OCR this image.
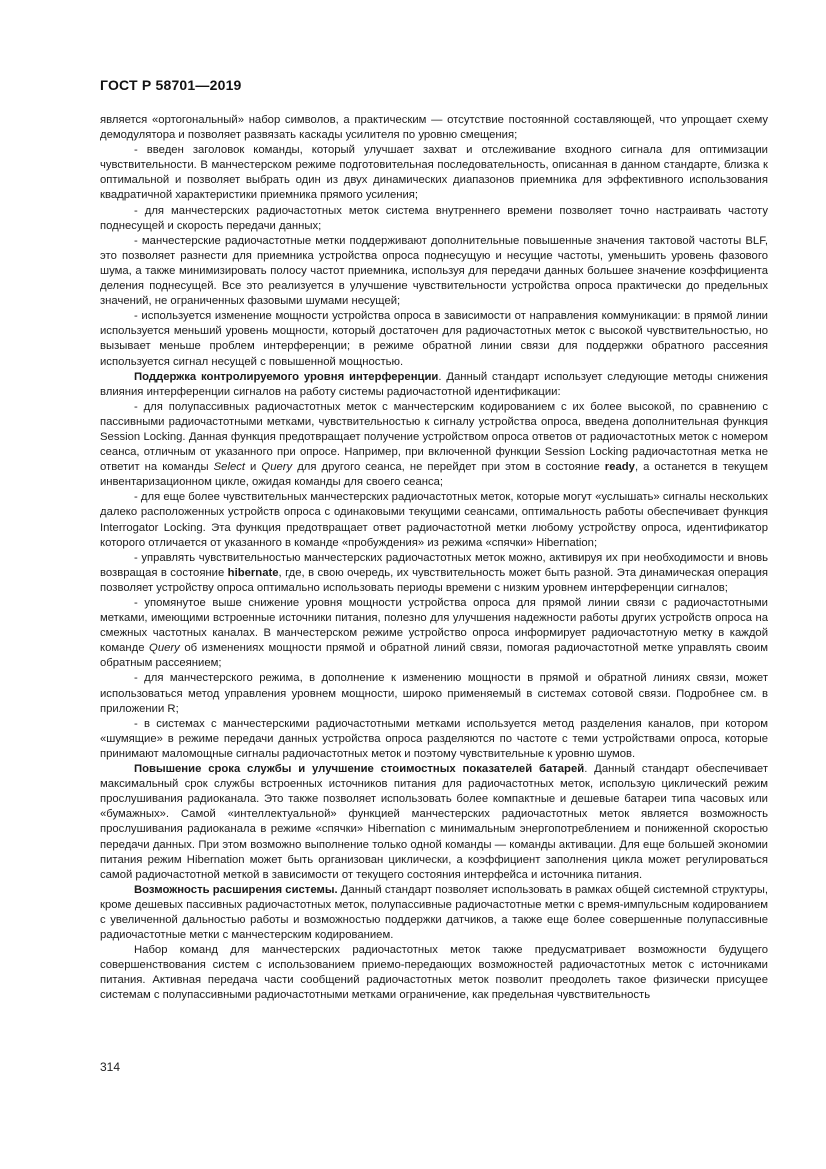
ГОСТ Р 58701—2019

является «ортогональный» набор символов, а практическим — отсутствие постоянной составляющей, что упрощает схему демодулятора и позволяет развязать каскады усилителя по уровню смещения;

- введен заголовок команды, который улучшает захват и отслеживание входного сигнала для оптимизации чувствительности. В манчестерском режиме подготовительная последовательность, описанная в данном стандарте, близка к оптимальной и позволяет выбрать один из двух динамических диапазонов приемника для эффективного использования квадратичной характеристики приемника прямого усиления;

- для манчестерских радиочастотных меток система внутреннего времени позволяет точно настраивать частоту поднесущей и скорость передачи данных;

- манчестерские радиочастотные метки поддерживают дополнительные повышенные значения тактовой частоты BLF, это позволяет разнести для приемника устройства опроса поднесущую и несущие частоты, уменьшить уровень фазового шума, а также минимизировать полосу частот приемника, используя для передачи данных большее значение коэффициента деления поднесущей. Все это реализуется в улучшение чувствительности устройства опроса практически до предельных значений, не ограниченных фазовыми шумами несущей;

- используется изменение мощности устройства опроса в зависимости от направления коммуникации: в прямой линии используется меньший уровень мощности, который достаточен для радиочастотных меток с высокой чувствительностью, но вызывает меньше проблем интерференции; в режиме обратной линии связи для поддержки обратного рассеяния используется сигнал несущей с повышенной мощностью.

Поддержка контролируемого уровня интерференции. Данный стандарт использует следующие методы снижения влияния интерференции сигналов на работу системы радиочастотной идентификации:

- для полупассивных радиочастотных меток с манчестерским кодированием с их более высокой, по сравнению с пассивными радиочастотными метками, чувствительностью к сигналу устройства опроса, введена дополнительная функция Session Locking. Данная функция предотвращает получение устройством опроса ответов от радиочастотных меток с номером сеанса, отличным от указанного при опросе. Например, при включенной функции Session Locking радиочастотная метка не ответит на команды Select и Query для другого сеанса, не перейдет при этом в состояние ready, а останется в текущем инвентаризационном цикле, ожидая команды для своего сеанса;

- для еще более чувствительных манчестерских радиочастотных меток, которые могут «услышать» сигналы нескольких далеко расположенных устройств опроса с одинаковыми текущими сеансами, оптимальность работы обеспечивает функция Interrogator Locking. Эта функция предотвращает ответ радиочастотной метки любому устройству опроса, идентификатор которого отличается от указанного в команде «пробуждения» из режима «спячки» Hibernation;

- управлять чувствительностью манчестерских радиочастотных меток можно, активируя их при необходимости и вновь возвращая в состояние hibernate, где, в свою очередь, их чувствительность может быть разной. Эта динамическая операция позволяет устройству опроса оптимально использовать периоды времени с низким уровнем интерференции сигналов;

- упомянутое выше снижение уровня мощности устройства опроса для прямой линии связи с радиочастотными метками, имеющими встроенные источники питания, полезно для улучшения надежности работы других устройств опроса на смежных частотных каналах. В манчестерском режиме устройство опроса информирует радиочастотную метку в каждой команде Query об изменениях мощности прямой и обратной линий связи, помогая радиочастотной метке управлять своим обратным рассеянием;

- для манчестерского режима, в дополнение к изменению мощности в прямой и обратной линиях связи, может использоваться метод управления уровнем мощности, широко применяемый в системах сотовой связи. Подробнее см. в приложении R;

- в системах с манчестерскими радиочастотными метками используется метод разделения каналов, при котором «шумящие» в режиме передачи данных устройства опроса разделяются по частоте с теми устройствами опроса, которые принимают маломощные сигналы радиочастотных меток и поэтому чувствительные к уровню шумов.

Повышение срока службы и улучшение стоимостных показателей батарей. Данный стандарт обеспечивает максимальный срок службы встроенных источников питания для радиочастотных меток, использую циклический режим прослушивания радиоканала. Это также позволяет использовать более компактные и дешевые батареи типа часовых или «бумажных». Самой «интеллектуальной» функцией манчестерских радиочастотных меток является возможность прослушивания радиоканала в режиме «спячки» Hibernation с минимальным энергопотреблением и пониженной скоростью передачи данных. При этом возможно выполнение только одной команды — команды активации. Для еще большей экономии питания режим Hibernation может быть организован циклически, а коэффициент заполнения цикла может регулироваться самой радиочастотной меткой в зависимости от текущего состояния интерфейса и источника питания.

Возможность расширения системы. Данный стандарт позволяет использовать в рамках общей системной структуры, кроме дешевых пассивных радиочастотных меток, полупассивные радиочастотные метки с время-импульсным кодированием с увеличенной дальностью работы и возможностью поддержки датчиков, а также еще более совершенные полупассивные радиочастотные метки с манчестерским кодированием.

Набор команд для манчестерских радиочастотных меток также предусматривает возможности будущего совершенствования систем с использованием приемо-передающих возможностей радиочастотных меток с источниками питания. Активная передача части сообщений радиочастотных меток позволит преодолеть такое физически присущее системам с полупассивными радиочастотными метками ограничение, как предельная чувствительность

314
